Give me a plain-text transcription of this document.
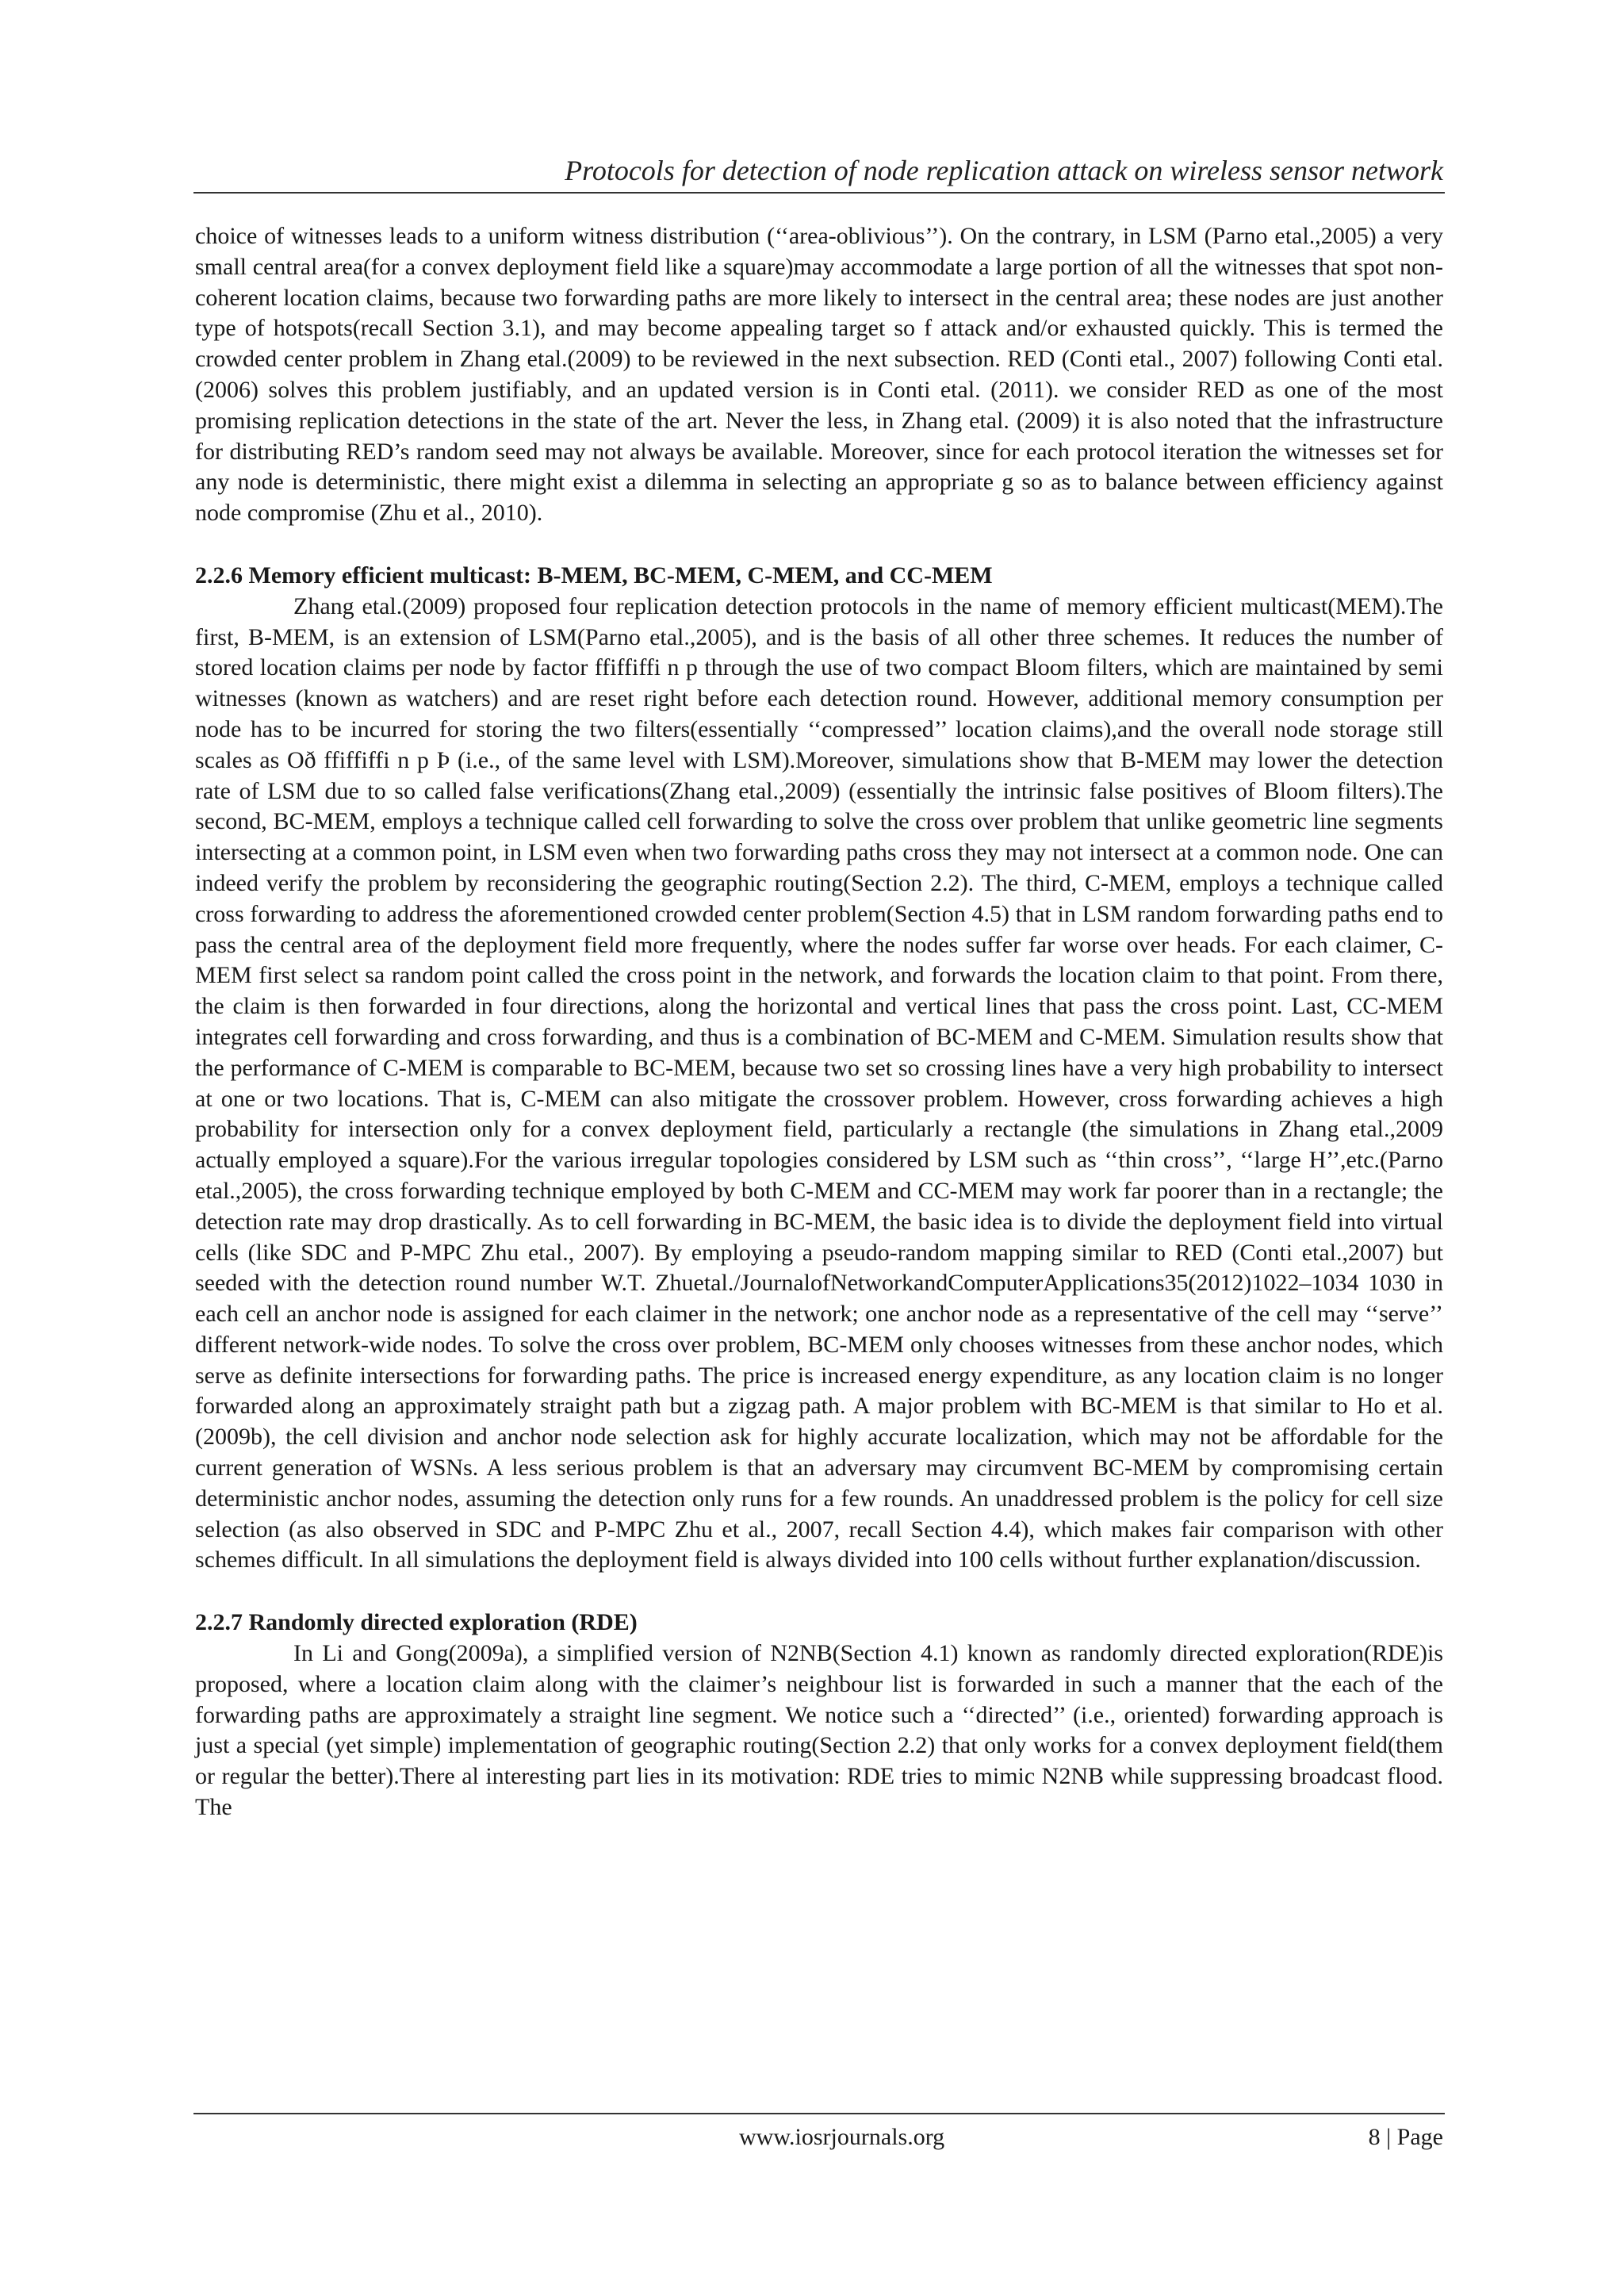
Protocols for detection of node replication attack on wireless sensor network

choice of witnesses leads to a uniform witness distribution (‘‘area-oblivious’’). On the contrary, in LSM (Parno etal.,2005) a very small central area(for a convex deployment field like a square)may accommodate a large portion of all the witnesses that spot non-coherent location claims, because two forwarding paths are more likely to intersect in the central area; these nodes are just another type of hotspots(recall Section 3.1), and may become appealing target so f attack and/or exhausted quickly. This is termed the crowded center problem in Zhang etal.(2009) to be reviewed in the next subsection. RED (Conti etal., 2007) following Conti etal.(2006) solves this problem justifiably, and an updated version is in Conti etal. (2011). we consider RED as one of the most promising replication detections in the state of the art. Never the less, in Zhang etal. (2009) it is also noted that the infrastructure for distributing RED’s random seed may not always be available. Moreover, since for each protocol iteration the witnesses set for any node is deterministic, there might exist a dilemma in selecting an appropriate g so as to balance between efficiency against node compromise (Zhu et al., 2010).

2.2.6 Memory efficient multicast: B-MEM, BC-MEM, C-MEM, and CC-MEM

Zhang etal.(2009) proposed four replication detection protocols in the name of memory efficient multicast(MEM).The first, B-MEM, is an extension of LSM(Parno etal.,2005), and is the basis of all other three schemes. It reduces the number of stored location claims per node by factor ffiffiffi n p through the use of two compact Bloom filters, which are maintained by semi witnesses (known as watchers) and are reset right before each detection round. However, additional memory consumption per node has to be incurred for storing the two filters(essentially ‘‘compressed’’ location claims),and the overall node storage still scales as Oð ffiffiffi n p Þ (i.e., of the same level with LSM).Moreover, simulations show that B-MEM may lower the detection rate of LSM due to so called false verifications(Zhang etal.,2009) (essentially the intrinsic false positives of Bloom filters).The second, BC-MEM, employs a technique called cell forwarding to solve the cross over problem that unlike geometric line segments intersecting at a common point, in LSM even when two forwarding paths cross they may not intersect at a common node. One can indeed verify the problem by reconsidering the geographic routing(Section 2.2). The third, C-MEM, employs a technique called cross forwarding to address the aforementioned crowded center problem(Section 4.5) that in LSM random forwarding paths end to pass the central area of the deployment field more frequently, where the nodes suffer far worse over heads. For each claimer, C-MEM first select sa random point called the cross point in the network, and forwards the location claim to that point. From there, the claim is then forwarded in four directions, along the horizontal and vertical lines that pass the cross point. Last, CC-MEM integrates cell forwarding and cross forwarding, and thus is a combination of BC-MEM and C-MEM. Simulation results show that the performance of C-MEM is comparable to BC-MEM, because two set so crossing lines have a very high probability to intersect at one or two locations. That is, C-MEM can also mitigate the crossover problem. However, cross forwarding achieves a high probability for intersection only for a convex deployment field, particularly a rectangle (the simulations in Zhang etal.,2009 actually employed a square).For the various irregular topologies considered by LSM such as ‘‘thin cross’’, ‘‘large H’’,etc.(Parno etal.,2005), the cross forwarding technique employed by both C-MEM and CC-MEM may work far poorer than in a rectangle; the detection rate may drop drastically. As to cell forwarding in BC-MEM, the basic idea is to divide the deployment field into virtual cells (like SDC and P-MPC Zhu etal., 2007). By employing a pseudo-random mapping similar to RED (Conti etal.,2007) but seeded with the detection round number W.T. Zhuetal./JournalofNetworkandComputerApplications35(2012)1022–1034 1030 in each cell an anchor node is assigned for each claimer in the network; one anchor node as a representative of the cell may ‘‘serve’’ different network-wide nodes. To solve the cross over problem, BC-MEM only chooses witnesses from these anchor nodes, which serve as definite intersections for forwarding paths. The price is increased energy expenditure, as any location claim is no longer forwarded along an approximately straight path but a zigzag path. A major problem with BC-MEM is that similar to Ho et al. (2009b), the cell division and anchor node selection ask for highly accurate localization, which may not be affordable for the current generation of WSNs. A less serious problem is that an adversary may circumvent BC-MEM by compromising certain deterministic anchor nodes, assuming the detection only runs for a few rounds. An unaddressed problem is the policy for cell size selection (as also observed in SDC and P-MPC Zhu et al., 2007, recall Section 4.4), which makes fair comparison with other schemes difficult. In all simulations the deployment field is always divided into 100 cells without further explanation/discussion.

2.2.7 Randomly directed exploration (RDE)

In Li and Gong(2009a), a simplified version of N2NB(Section 4.1) known as randomly directed exploration(RDE)is proposed, where a location claim along with the claimer’s neighbour list is forwarded in such a manner that the each of the forwarding paths are approximately a straight line segment. We notice such a ‘‘directed’’ (i.e., oriented) forwarding approach is just a special (yet simple) implementation of geographic routing(Section 2.2) that only works for a convex deployment field(them or regular the better).There al interesting part lies in its motivation: RDE tries to mimic N2NB while suppressing broadcast flood. The

www.iosrjournals.org	8 | Page
